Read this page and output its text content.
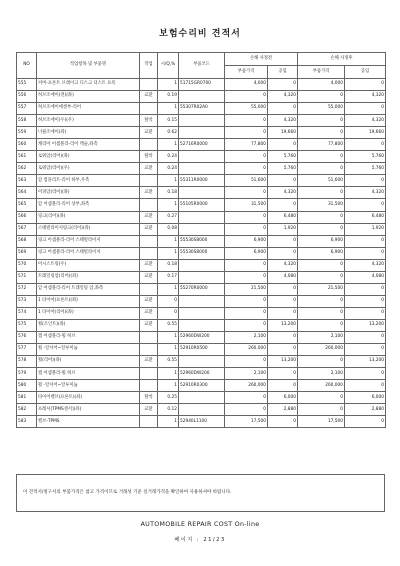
보험수리비 견적서
NO	작업항목 및 부품명	작업	시/Q,%	부품코드	손해 사정전		손해 사정후	
					부품가격	공임	부품가격	공임
555	커버-프론트 브레이크 디스크 더스트 프록		1	51715GR0700	4,000	0	4,000	0
556	허브조에이(전)(좌)	교환	0.19		0	4,320	0	4,320
557	허브조에이에센부-리어		1	55307R02A0	55,000	0	55,000	0
558	허브조에이(우)(우)	탈착	0.15		0	4,320	0	4,320
559	너클조에이(좌)	교환	0.62		0	19,660	0	19,660
560	캐리어 어셈블리-리어 액슬,좌측		1	52716R0000	77,800	0	77,800	0
561	로워암(리어)(좌)	탈착	0.24		0	5,760	0	5,760
562	로워암(리어)(우)	교환	0.24		0	5,760	0	5,760
563	암 컴플리트-리어 하부,우측		1	55311R0000	51,600	0	51,600	0
564	어퍼암(리어)(좌)	교환	0.18		0	4,320	0	4,320
565	암 어셈블리-리어 상부,좌측		1	55105R0000	31,500	0	31,500	0
566	링크(리어)(좌)	교환	0.27		0	6,480	0	6,480
567	스태빌라이저링크(리어)(좌)	교환	0.08		0	1,920	0	1,920
568	링크 어셈블리-리어 스태빌라이저		1	55530S8000	6,900	0	6,900	0
569	링크 어셈블리-리어 스태빌라이저		1	55530S8000	6,900	0	6,900	0
570	어시스트링(우)	교환	0.18		0	4,320	0	4,320
571	트레일링암(리어)(좌)	교환	0.17		0	4,080	0	4,080
572	암 어셈블리-리어 트레일링 암,좌측		1	55270R0000	21,500	0	21,500	0
573	1 타이어(프론트)(좌)	교환	0		0	0	0	0
574	1 타이어(리어)(좌)	교환	0		0	0	0	0
575	휠(조인트)(좌)	교환	0.55		0	13,200	0	13,200
576	캡 어셈블리-휠 허브		1	52960DW200	2,100	0	2,100	0
577	휠 -알서어~알루미늄		1	52910R0500	260,000	0	260,000	0
578	휠(리어)(좌)	교환	0.55		0	13,200	0	13,200
579	캡 어셈블리-휠 허브		1	52960DW200	2,100	0	2,100	0
580	휠 -알서어~알루미늄		1	52910R0300	260,000	0	260,000	0
581	타이어밸브(프론트)(좌)	탈착	0.25		0	6,000	0	6,000
582	프레셔(TPMS센서)(좌)	교환	0.12		0	2,880	0	2,880
583	밸브-TPMS		1	52940L1100	17,500	0	17,500	0
이 견적서/청구서의 부품가격은 참고 가격이므로 거래성 기준 실거래가격을 확인하여 사용하셔야 바랍니다.
AUTOMOBILE REPAIR COST On-line
페이지 : 21/23
